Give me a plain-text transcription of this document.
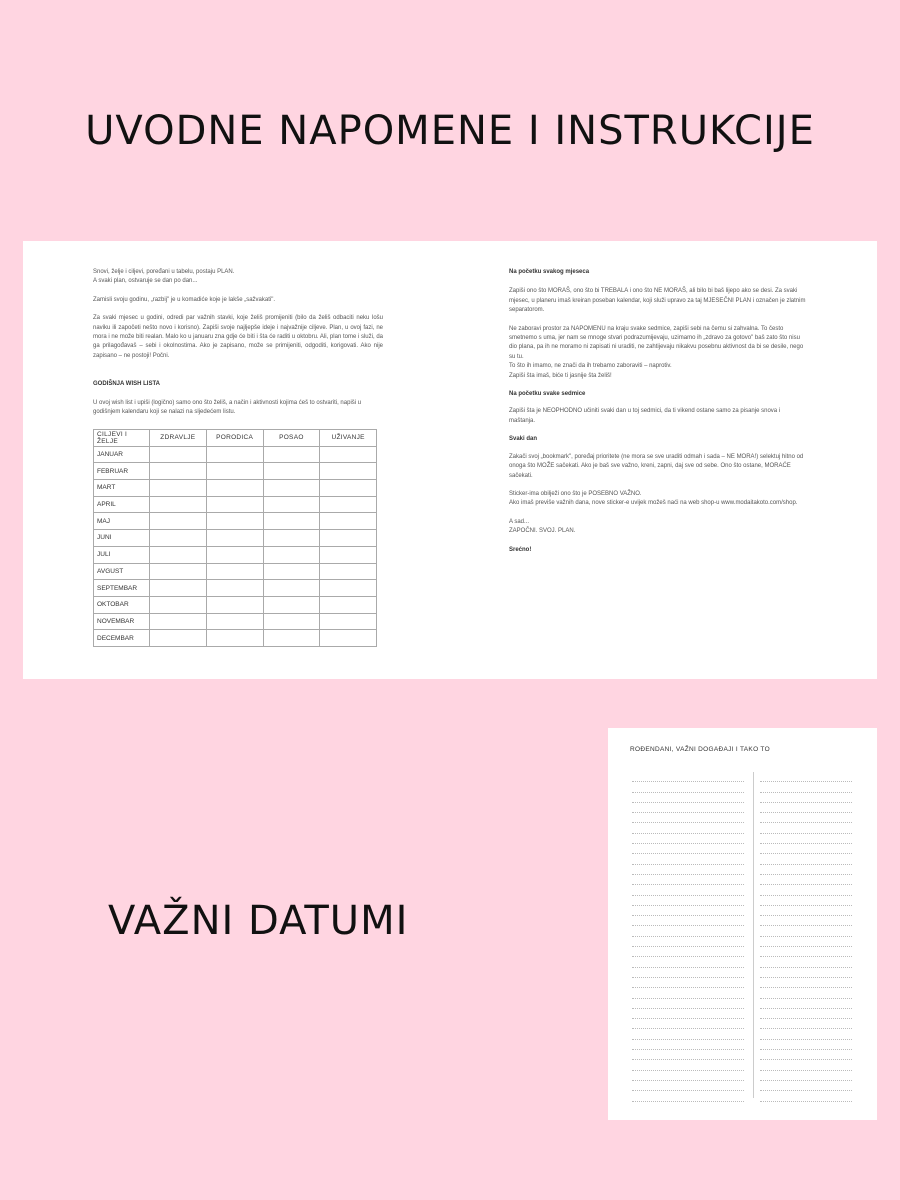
UVODNE NAPOMENE I INSTRUKCIJE

Snovi, želje i ciljevi, poređani u tabelu, postaju PLAN.
A svaki plan, ostvaruje se dan po dan...

Zamisli svoju godinu, „razbij" je u komadiće koje je lakše „sažvakati".

Za svaki mjesec u godini, odredi par važnih stavki, koje želiš promijeniti (bilo da želiš odbaciti neku lošu naviku ili započeti nešto novo i korisno). Zapiši svoje najljepše ideje i najvažnije ciljeve. Plan, u ovoj fazi, ne mora i ne može biti realan. Malo ko u januaru zna gdje će biti i šta će raditi u oktobru. Ali, plan tome i služi, da ga prilagođavaš – sebi i okolnostima. Ako je zapisano, može se primijeniti, odgoditi, korigovati. Ako nije zapisano – ne postoji! Počni.

GODIŠNJA WISH LISTA

U ovoj wish list i upiši (logično) samo ono što želiš, a način i aktivnosti kojima ćeš to ostvariti, napiši u godišnjem kalendaru koji se nalazi na sljedećem listu.

CILJEVI I ŽELJE	ZDRAVLJE	PORODICA	POSAO	UŽIVANJE
JANUAR				
FEBRUAR				
MART				
APRIL				
MAJ				
JUNI				
JULI				
AVGUST				
SEPTEMBAR				
OKTOBAR				
NOVEMBAR				
DECEMBAR				

Na početku svakog mjeseca

Zapiši ono što MORAŠ, ono što bi TREBALA i ono što NE MORAŠ, ali bilo bi baš lijepo ako se desi. Za svaki mjesec, u planeru imaš kreiran poseban kalendar, koji služi upravo za taj MJESEČNI PLAN i označen je zlatnim separatorom.

Ne zaboravi prostor za NAPOMENU na kraju svake sedmice, zapiši sebi na čemu si zahvalna. To često smetnemo s uma, jer nam se mnoge stvari podrazumijevaju, uzimamo ih „zdravo za gotovo" baš zato što nisu dio plana, pa ih ne moramo ni zapisati ni uraditi, ne zahtijevaju nikakvu posebnu aktivnost da bi se desile, nego su tu.
To što ih imamo, ne znači da ih trebamo zaboraviti – naprotiv.
Zapiši šta imaš, biće ti jasnije šta želiš!

Na početku svake sedmice

Zapiši šta je NEOPHODNO učiniti svaki dan u toj sedmici, da ti vikend ostane samo za pisanje snova i maštanja.

Svaki dan

Zakači svoj „bookmark", poređaj prioritete (ne mora se sve uraditi odmah i sada – NE MORA!) selektuj hitno od onoga što MOŽE sačekati. Ako je baš sve važno, kreni, zapni, daj sve od sebe. Ono što ostane, MORAĆE sačekati.

Sticker-ima obilježi ono što je POSEBNO VAŽNO.
Ako imaš previše važnih dana, nove sticker-e uvijek možeš naći na web shop-u www.modaitakoto.com/shop.

A sad...
ZAPOČNI. SVOJ. PLAN.

Srećno!

VAŽNI DATUMI
ROĐENDANI, VAŽNI DOGAĐAJI I TAKO TO
